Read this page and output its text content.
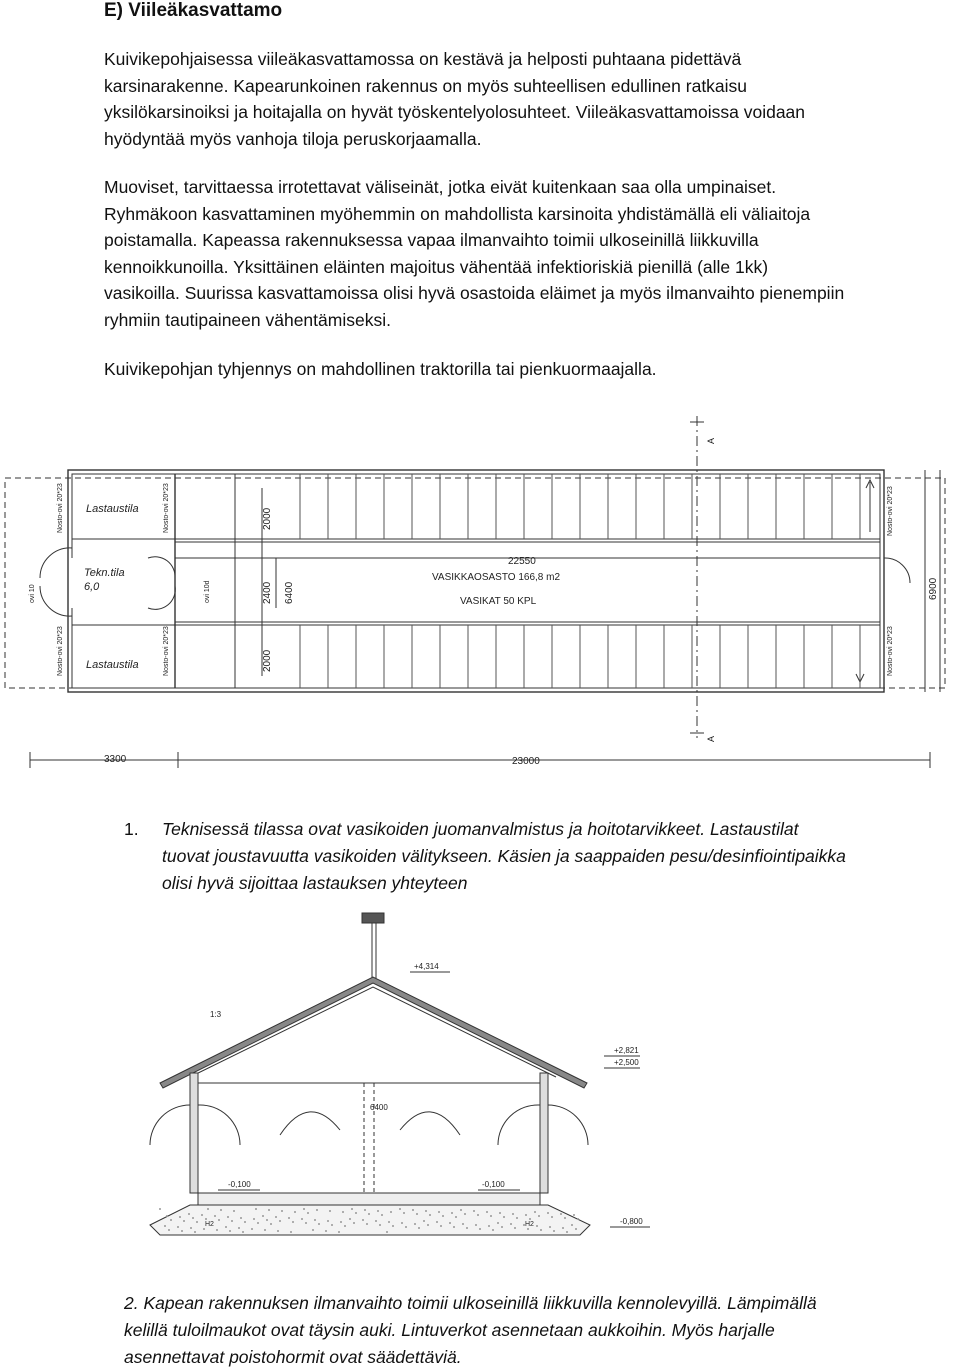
E) Viileäkasvattamo
Kuivikepohjaisessa viileäkasvattamossa on kestävä ja helposti puhtaana pidettävä
karsinarakenne. Kapearunkoinen rakennus on myös suhteellisen edullinen ratkaisu
yksilökarsinoiksi ja hoitajalla on hyvät työskentelyolosuhteet. Viileäkasvattamoissa voidaan
hyödyntää myös vanhoja tiloja peruskorjaamalla.
Muoviset, tarvittaessa irrotettavat väliseinät, jotka eivät kuitenkaan saa olla umpinaiset.
Ryhmäkoon kasvattaminen myöhemmin on mahdollista karsinoita yhdistämällä eli väliaitoja
poistamalla. Kapeassa rakennuksessa vapaa ilmanvaihto toimii ulkoseinillä liikkuvilla
kennoikkunoilla. Yksittäinen eläinten majoitus vähentää infektioriskiä pienillä (alle 1kk)
vasikoilla. Suurissa kasvattamoissa olisi hyvä osastoida eläimet ja myös ilmanvaihto pienempiin
ryhmiin tautipaineen vähentämiseksi.
Kuivikepohjan tyhjennys on mahdollinen traktorilla tai pienkuormaajalla.
Lastaustila
Lastaustila
Tekn.tila
6,0
VASIKKAOSASTO 166,8 m2
VASIKAT 50 KPL
22550
3300	23000
2000
2000
2400 6400	6900
Nosto-ovi 20*23	Nosto-ovi 20*23
Nosto-ovi 20*23	Nosto-ovi 20*23
Nosto-ovi 20*23
Nosto-ovi 20*23
ovi 10	ovi 10d
A
A
1. Teknisessä tilassa ovat vasikoiden juomanvalmistus ja hoitotarvikkeet. Lastaustilat
tuovat joustavuutta vasikoiden välitykseen. Käsien ja saappaiden pesu/desinfiointipaikka
olisi hyvä sijoittaa lastauksen yhteyteen
1:3
+4,314
+2,821
+2,500
6400
-0,100	-0,100
-0,800
H2	H2
2. Kapean rakennuksen ilmanvaihto toimii ulkoseinillä liikkuvilla kennolevyillä. Lämpimällä
kelillä tuloilmaukot ovat täysin auki. Lintuverkot asennetaan aukkoihin. Myös harjalle
asennettavat poistohormit ovat säädettäviä.
